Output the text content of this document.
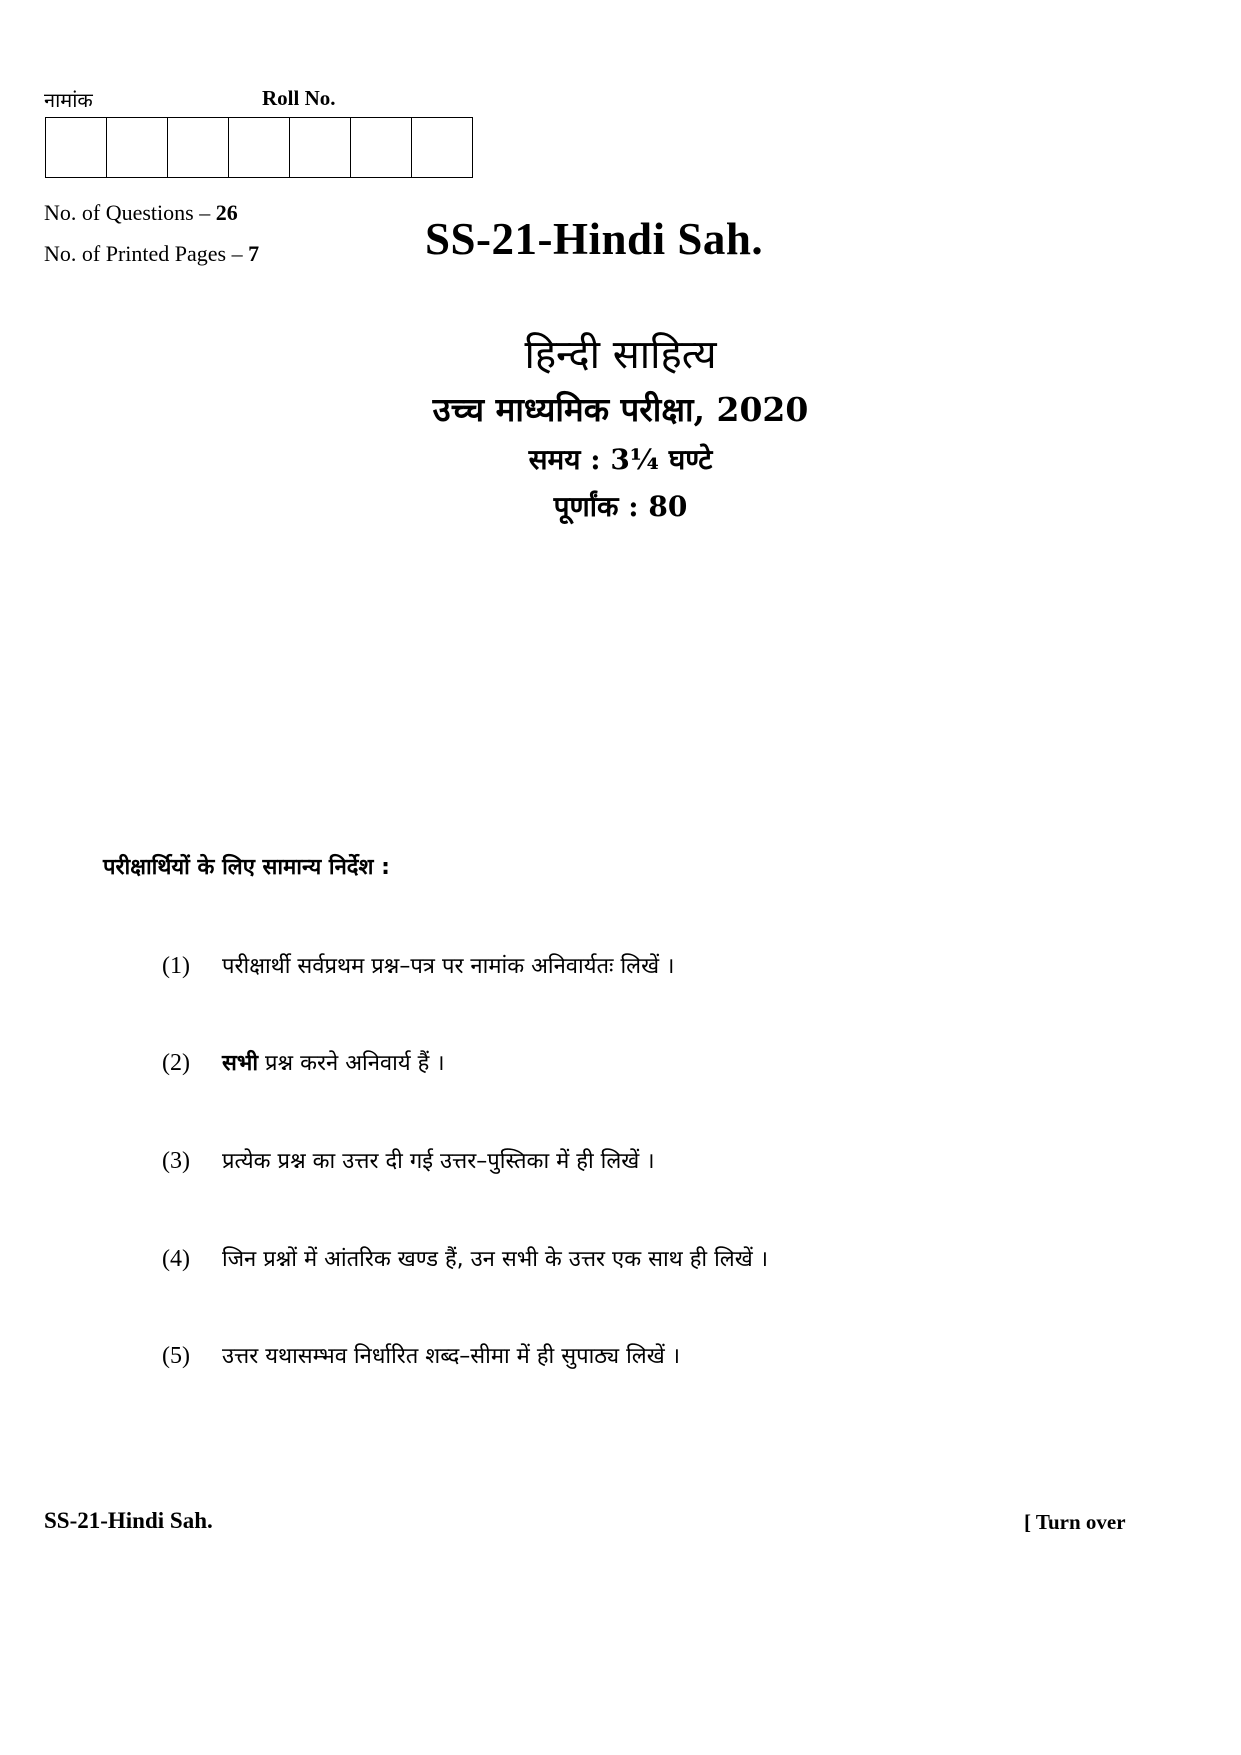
नामांक	Roll No.
No. of Questions – 26
No. of Printed Pages – 7	SS-21-Hindi Sah.
हिन्दी साहित्य
उच्च माध्यमिक परीक्षा, 2020
समय : 3¼ घण्टे
पूर्णांक : 80
परीक्षार्थियों के लिए सामान्य निर्देश :
(1)	परीक्षार्थी सर्वप्रथम प्रश्न–पत्र पर नामांक अनिवार्यतः लिखें ।
(2)	सभी प्रश्न करने अनिवार्य हैं ।
(3)	प्रत्येक प्रश्न का उत्तर दी गई उत्तर–पुस्तिका में ही लिखें ।
(4)	जिन प्रश्नों में आंतरिक खण्ड हैं, उन सभी के उत्तर एक साथ ही लिखें ।
(5)	उत्तर यथासम्भव निर्धारित शब्द–सीमा में ही सुपाठ्य लिखें ।
SS-21-Hindi Sah.	[ Turn over
